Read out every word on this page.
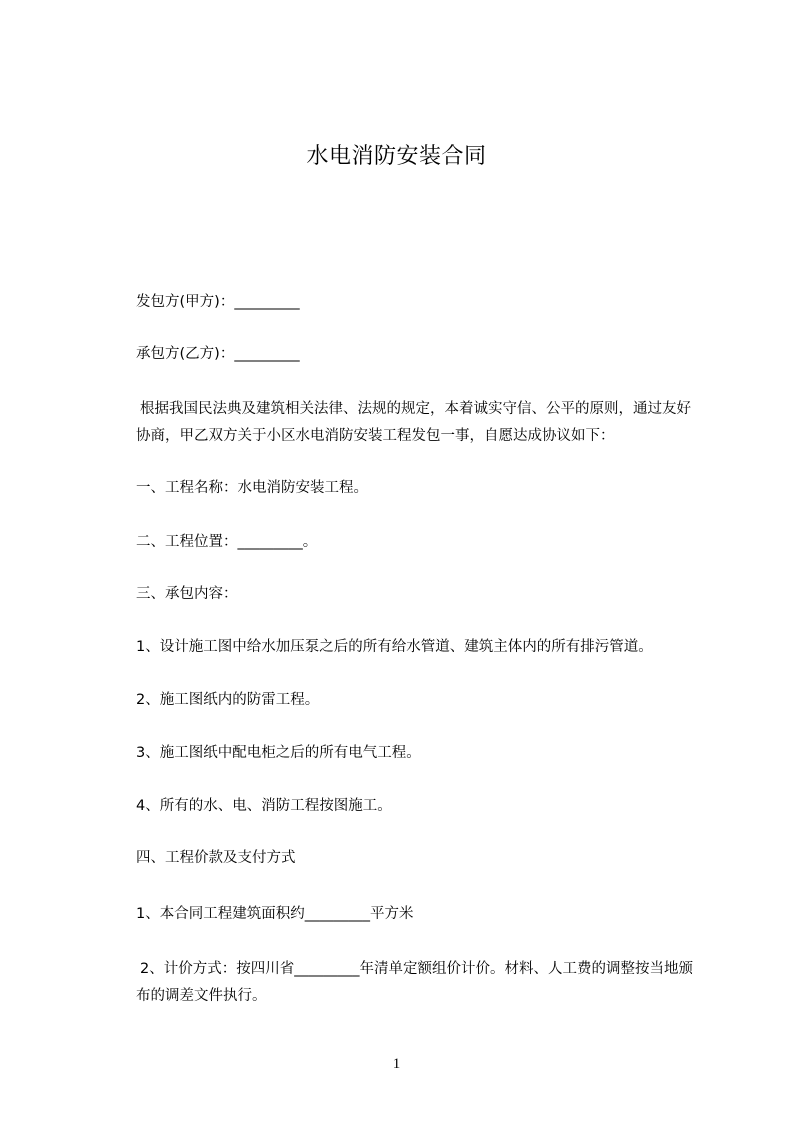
水电消防安装合同
发包方(甲方)：_________
承包方(乙方)：_________
根据我国民法典及建筑相关法律、法规的规定，本着诚实守信、公平的原则，通过友好协商，甲乙双方关于小区水电消防安装工程发包一事，自愿达成协议如下：
一、工程名称：水电消防安装工程。
二、工程位置：_________。
三、承包内容：
1、设计施工图中给水加压泵之后的所有给水管道、建筑主体内的所有排污管道。
2、施工图纸内的防雷工程。
3、施工图纸中配电柜之后的所有电气工程。
4、所有的水、电、消防工程按图施工。
四、工程价款及支付方式
1、本合同工程建筑面积约_________平方米
2、计价方式：按四川省_________年清单定额组价计价。材料、人工费的调整按当地颁布的调差文件执行。
1
